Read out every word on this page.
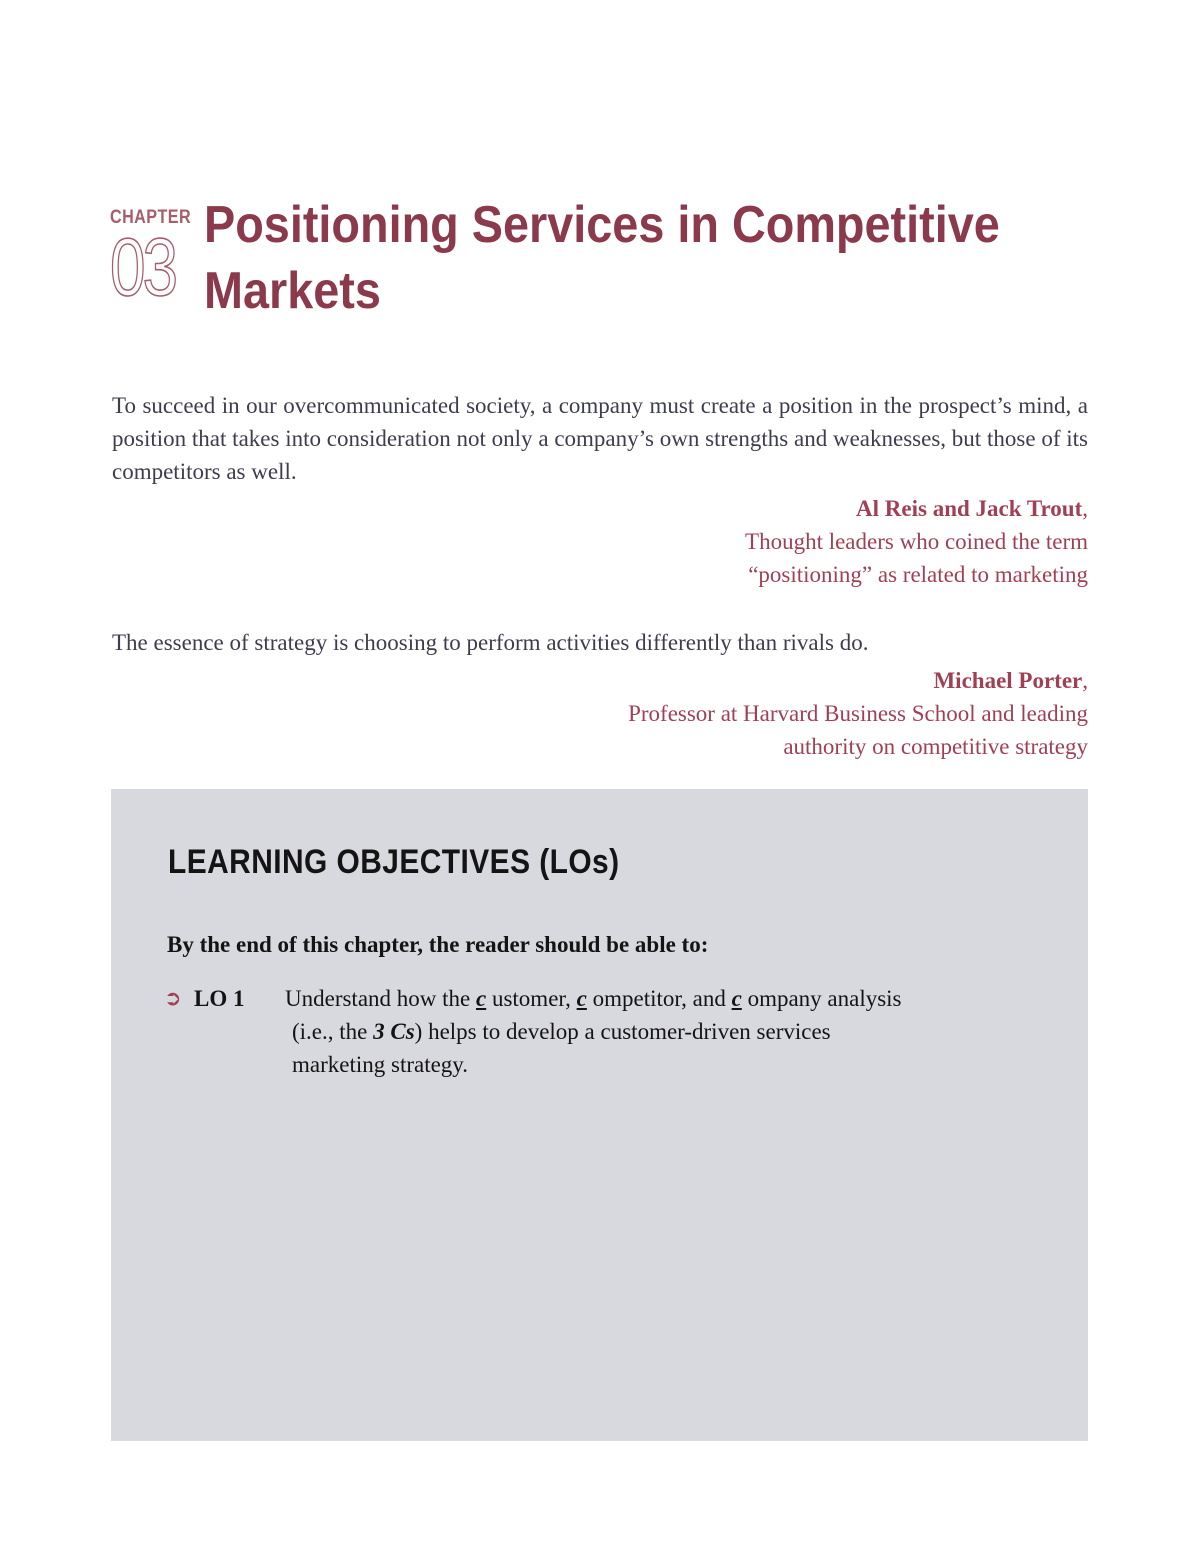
CHAPTER
03 Positioning Services in Competitive
Markets

To succeed in our overcommunicated society, a company must create a position in the prospect’s mind, a position that takes into consideration not only a company’s own strengths and weaknesses, but those of its competitors as well.

Al Reis and Jack Trout,
Thought leaders who coined the term
“positioning” as related to marketing

The essence of strategy is choosing to perform activities differently than rivals do.

Michael Porter,
Professor at Harvard Business School and leading
authority on competitive strategy
LEARNING OBJECTIVES (LOs)
By the end of this chapter, the reader should be able to:
➲ LO 1 Understand how the c ustomer, c ompetitor, and c ompany analysis
(i.e., the 3 Cs) helps to develop a customer-driven services
marketing strategy.
